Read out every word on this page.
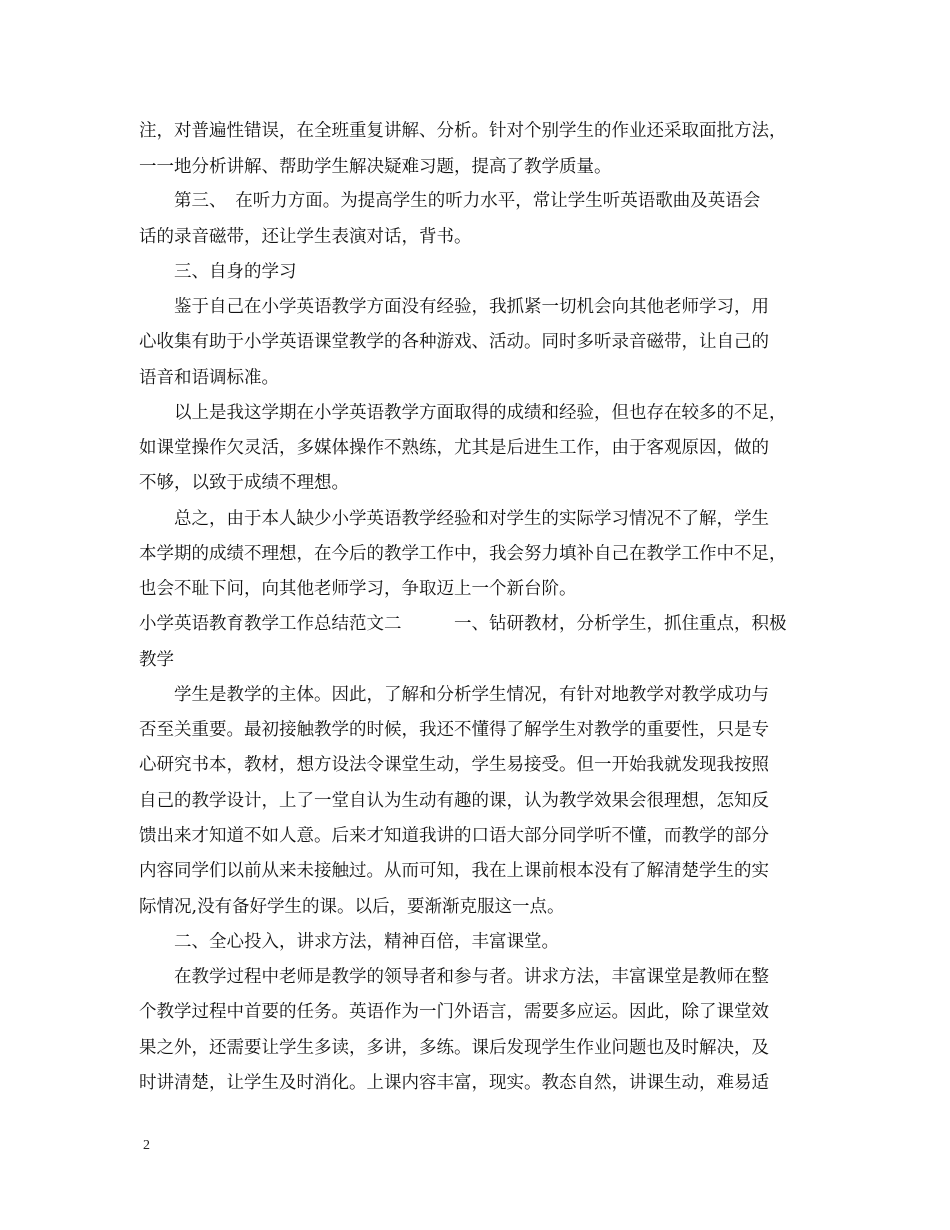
注，对普遍性错误，在全班重复讲解、分析。针对个别学生的作业还采取面批方法，
一一地分析讲解、帮助学生解决疑难习题，提高了教学质量。
　　第三、　在听力方面。为提高学生的听力水平，常让学生听英语歌曲及英语会
话的录音磁带，还让学生表演对话，背书。
　　三、自身的学习
　　鉴于自己在小学英语教学方面没有经验，我抓紧一切机会向其他老师学习，用
心收集有助于小学英语课堂教学的各种游戏、活动。同时多听录音磁带，让自己的
语音和语调标准。
　　以上是我这学期在小学英语教学方面取得的成绩和经验，但也存在较多的不足，
如课堂操作欠灵活，多媒体操作不熟练，尤其是后进生工作，由于客观原因，做的
不够，以致于成绩不理想。
　　总之，由于本人缺少小学英语教学经验和对学生的实际学习情况不了解，学生
本学期的成绩不理想，在今后的教学工作中，我会努力填补自己在教学工作中不足，
也会不耻下问，向其他老师学习，争取迈上一个新台阶。
小学英语教育教学工作总结范文二　　　一、钻研教材，分析学生，抓住重点，积极
教学
　　学生是教学的主体。因此，了解和分析学生情况，有针对地教学对教学成功与
否至关重要。最初接触教学的时候，我还不懂得了解学生对教学的重要性，只是专
心研究书本，教材，想方设法令课堂生动，学生易接受。但一开始我就发现我按照
自己的教学设计，上了一堂自认为生动有趣的课，认为教学效果会很理想，怎知反
馈出来才知道不如人意。后来才知道我讲的口语大部分同学听不懂，而教学的部分
内容同学们以前从来未接触过。从而可知，我在上课前根本没有了解清楚学生的实
际情况,没有备好学生的课。以后，要渐渐克服这一点。
　　二、全心投入，讲求方法，精神百倍，丰富课堂。
　　在教学过程中老师是教学的领导者和参与者。讲求方法，丰富课堂是教师在整
个教学过程中首要的任务。英语作为一门外语言，需要多应运。因此，除了课堂效
果之外，还需要让学生多读，多讲，多练。课后发现学生作业问题也及时解决，及
时讲清楚，让学生及时消化。上课内容丰富，现实。教态自然，讲课生动，难易适
2
